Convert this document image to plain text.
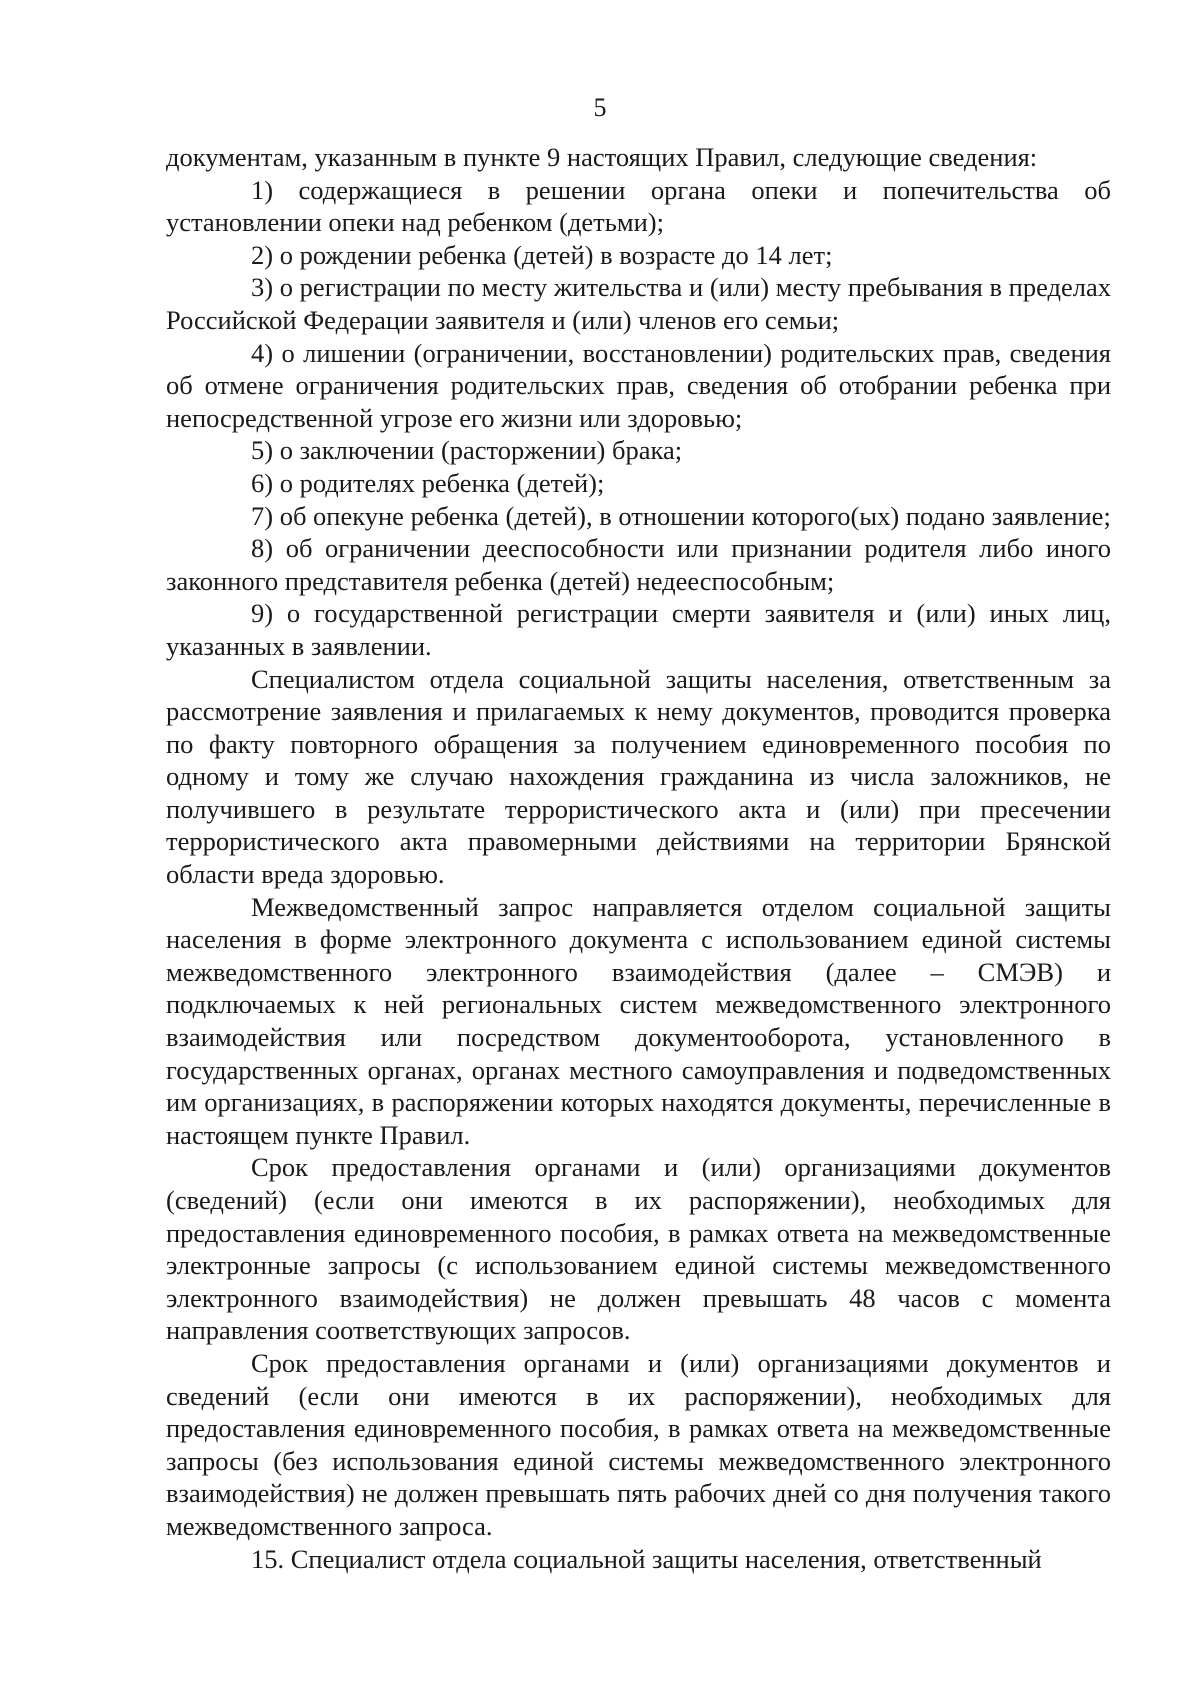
5

документам, указанным в пункте 9 настоящих Правил, следующие сведения:

1) содержащиеся в решении органа опеки и попечительства об установлении опеки над ребенком (детьми);

2) о рождении ребенка (детей) в возрасте до 14 лет;

3) о регистрации по месту жительства и (или) месту пребывания в пределах Российской Федерации заявителя и (или) членов его семьи;

4) о лишении (ограничении, восстановлении) родительских прав, сведения об отмене ограничения родительских прав, сведения об отобрании ребенка при непосредственной угрозе его жизни или здоровью;

5) о заключении (расторжении) брака;

6) о родителях ребенка (детей);

7) об опекуне ребенка (детей), в отношении которого(ых) подано заявление;

8) об ограничении дееспособности или признании родителя либо иного законного представителя ребенка (детей) недееспособным;

9) о государственной регистрации смерти заявителя и (или) иных лиц, указанных в заявлении.

Специалистом отдела социальной защиты населения, ответственным за рассмотрение заявления и прилагаемых к нему документов, проводится проверка по факту повторного обращения за получением единовременного пособия по одному и тому же случаю нахождения гражданина из числа заложников, не получившего в результате террористического акта и (или) при пресечении террористического акта правомерными действиями на территории Брянской области вреда здоровью.

Межведомственный запрос направляется отделом социальной защиты населения в форме электронного документа с использованием единой системы межведомственного электронного взаимодействия (далее – СМЭВ) и подключаемых к ней региональных систем межведомственного электронного взаимодействия или посредством документооборота, установленного в государственных органах, органах местного самоуправления и подведомственных им организациях, в распоряжении которых находятся документы, перечисленные в настоящем пункте Правил.

Срок предоставления органами и (или) организациями документов (сведений) (если они имеются в их распоряжении), необходимых для предоставления единовременного пособия, в рамках ответа на межведомственные электронные запросы (с использованием единой системы межведомственного электронного взаимодействия) не должен превышать 48 часов с момента направления соответствующих запросов.

Срок предоставления органами и (или) организациями документов и сведений (если они имеются в их распоряжении), необходимых для предоставления единовременного пособия, в рамках ответа на межведомственные запросы (без использования единой системы межведомственного электронного взаимодействия) не должен превышать пять рабочих дней со дня получения такого межведомственного запроса.

15. Специалист отдела социальной защиты населения, ответственный
